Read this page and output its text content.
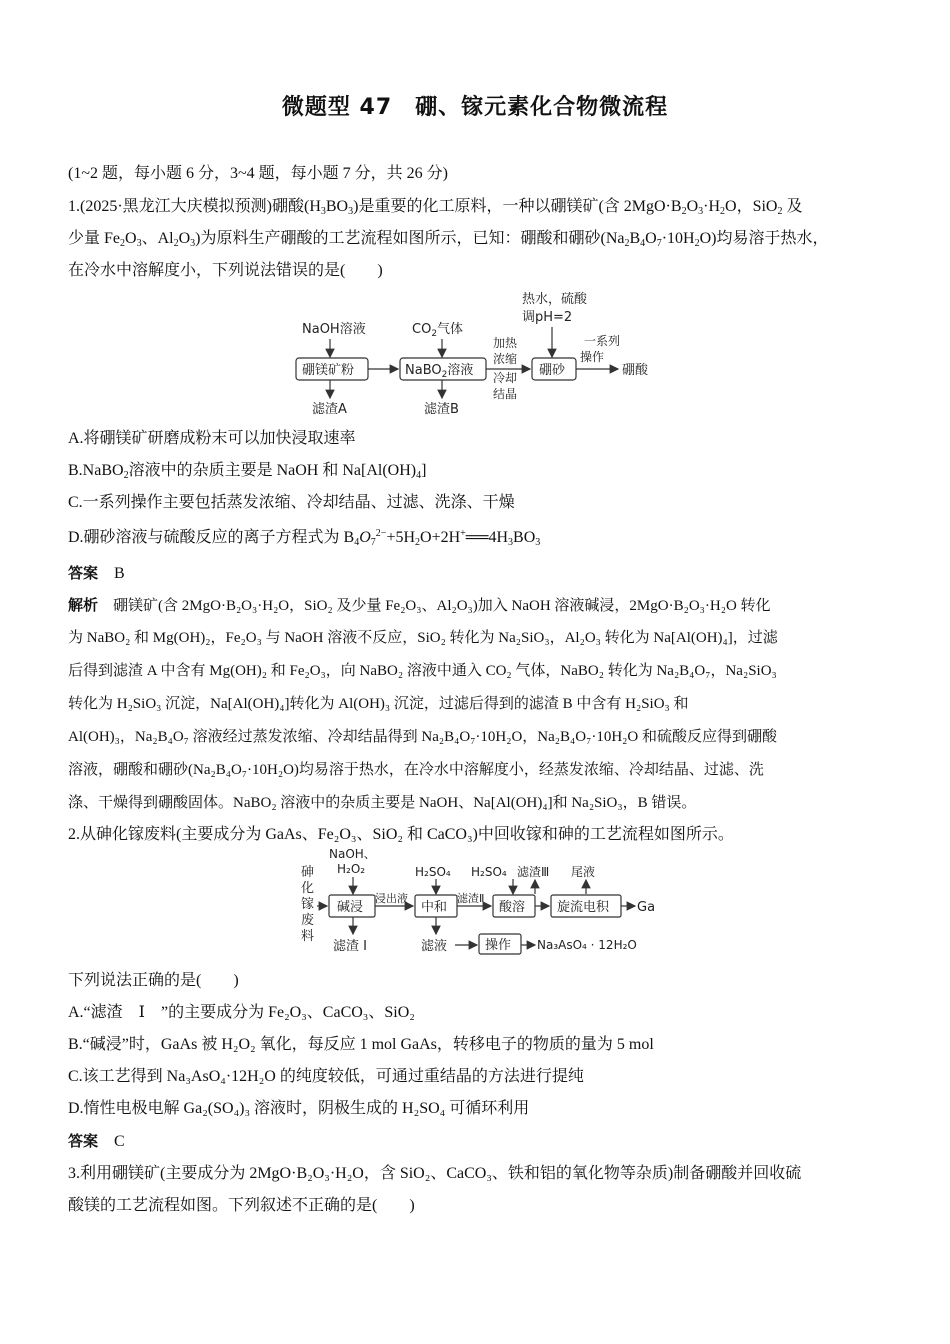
微题型 47　硼、镓元素化合物微流程
(1~2 题，每小题 6 分，3~4 题，每小题 7 分，共 26 分)
1.(2025·黑龙江大庆模拟预测)硼酸$(H_3BO_3)$是重要的化工原料，一种以硼镁矿(含 $2MgO\cdot B_2O_3\cdot H_2O$，SiO$_2$ 及
少量 $Fe_2O_3$、$Al_2O_3$)为原料生产硼酸的工艺流程如图所示，已知：硼酸和硼砂$(Na_2B_4O_7\cdot 10H_2O)$均易溶于热水，
在冷水中溶解度小，下列说法错误的是(　　)
NaOH溶液	$CO_2$气体
热水，硫酸
调pH=2
硼镁矿粉	NaBO$_2$溶液
加热
浓缩
冷却
结晶
硼砂
一系列
操作
硼酸
滤渣A	滤渣B
A.将硼镁矿研磨成粉末可以加快浸取速率
B.NaBO$_2$溶液中的杂质主要是 NaOH 和 $Na[Al(OH)_4]$
C.一系列操作主要包括蒸发浓缩、冷却结晶、过滤、洗涤、干燥
D.硼砂溶液与硫酸反应的离子方程式为 $B_4O_7^{2-}+5H_2O+2H^+══4H_3BO_3$
答案　 B
解析　 硼镁矿(含 2MgO·B₂O₃·H₂O，SiO₂ 及少量 Fe₂O₃、Al₂O₃)加入 NaOH 溶液碱浸，2MgO·B₂O₃·H₂O 转化
为 NaBO₂ 和 Mg(OH)₂，Fe₂O₃ 与 NaOH 溶液不反应，SiO₂ 转化为 Na₂SiO₃，Al₂O₃ 转化为 Na[Al(OH)₄]，过滤
后得到滤渣 A 中含有 Mg(OH)₂ 和 Fe₂O₃，向 NaBO₂ 溶液中通入 CO₂ 气体，NaBO₂ 转化为 Na₂B₄O₇，Na₂SiO₃
转化为 H₂SiO₃ 沉淀，Na[Al(OH)₄]转化为 Al(OH)₃ 沉淀，过滤后得到的滤渣 B 中含有 H₂SiO₃ 和
Al(OH)₃，Na₂B₄O₇ 溶液经过蒸发浓缩、冷却结晶得到 Na₂B₄O₇·10H₂O，Na₂B₄O₇·10H₂O 和硫酸反应得到硼酸
溶液，硼酸和硼砂(Na₂B₄O₇·10H₂O)均易溶于热水，在冷水中溶解度小，经蒸发浓缩、冷却结晶、过滤、洗
涤、干燥得到硼酸固体。NaBO₂ 溶液中的杂质主要是 NaOH、Na[Al(OH)₄]和 Na₂SiO₃，B 错误。
2.从砷化镓废料(主要成分为 GaAs、Fe₂O₃、SiO₂ 和 CaCO₃)中回收镓和砷的工艺流程如图所示。
砷
化
镓
废
料
NaOH、
H₂O₂
碱浸
浸出液
滤渣 Ⅰ
H₂SO₄
中和
滤渣Ⅱ
滤液	操作 Na₃AsO₄ · 12H₂O
H₂SO₄
酸溶
滤渣Ⅲ
旋流电积
尾液
Ga
下列说法正确的是(　　)
A.“滤渣　Ⅰ　”的主要成分为 Fe₂O₃、CaCO₃、SiO₂
B.“碱浸”时，GaAs 被 H₂O₂ 氧化，每反应 1 mol GaAs，转移电子的物质的量为 5 mol
C.该工艺得到 Na₃AsO₄·12H₂O 的纯度较低，可通过重结晶的方法进行提纯
D.惰性电极电解 Ga₂(SO₄)₃ 溶液时，阴极生成的 H₂SO₄ 可循环利用
答案　 C
3.利用硼镁矿(主要成分为 2MgO·B₂O₃·H₂O，含 SiO₂、CaCO₃、铁和铝的氧化物等杂质)制备硼酸并回收硫
酸镁的工艺流程如图。下列叙述不正确的是(　　)
